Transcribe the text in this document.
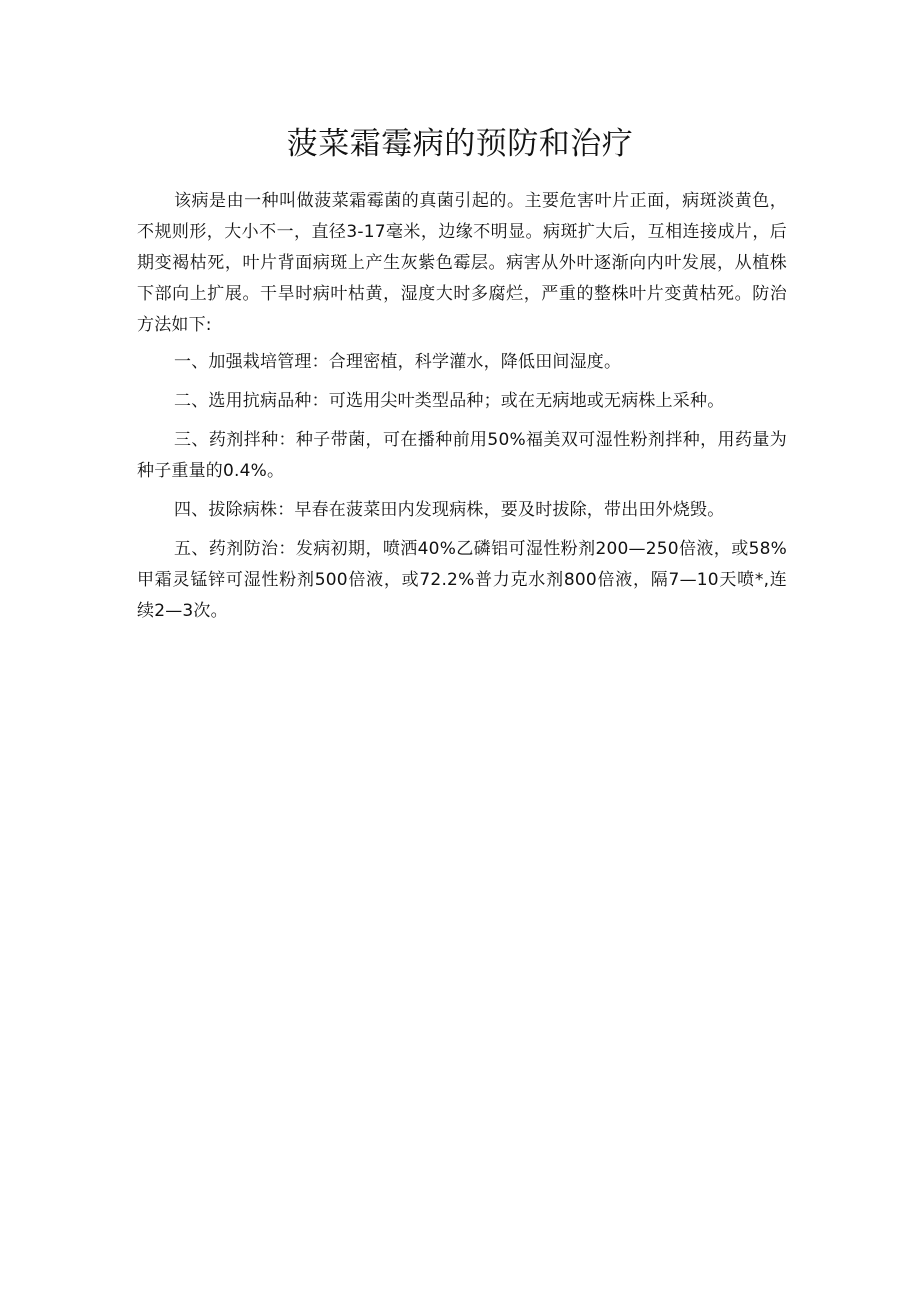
菠菜霜霉病的预防和治疗

该病是由一种叫做菠菜霜霉菌的真菌引起的。主要危害叶片正面，病斑淡黄色，不规则形，大小不一，直径3-17毫米，边缘不明显。病斑扩大后，互相连接成片，后期变褐枯死，叶片背面病斑上产生灰紫色霉层。病害从外叶逐渐向内叶发展，从植株下部向上扩展。干旱时病叶枯黄，湿度大时多腐烂，严重的整株叶片变黄枯死。防治方法如下:

一、加强栽培管理：合理密植，科学灌水，降低田间湿度。

二、选用抗病品种：可选用尖叶类型品种；或在无病地或无病株上采种。

三、药剂拌种：种子带菌，可在播种前用50%福美双可湿性粉剂拌种，用药量为种子重量的0.4%。

四、拔除病株：早春在菠菜田内发现病株，要及时拔除，带出田外烧毁。

五、药剂防治：发病初期，喷洒40%乙磷铝可湿性粉剂200—250倍液，或58%甲霜灵锰锌可湿性粉剂500倍液，或72.2%普力克水剂800倍液，隔7—10天喷*,连续2—3次。
